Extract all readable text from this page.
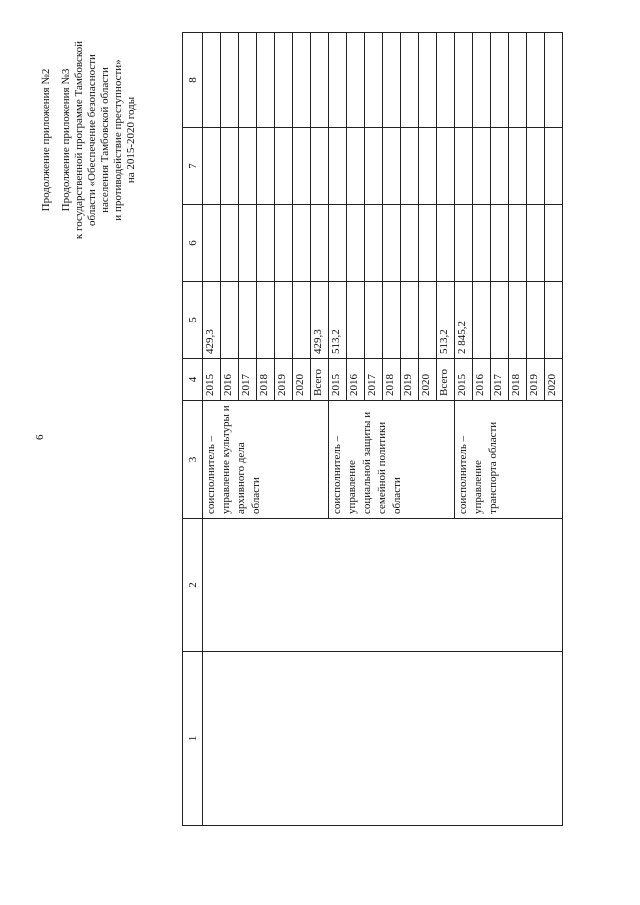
6
Продолжение приложения №2 Продолжение приложения №3 к государственной программе Тамбовской области «Обеспечение безопасности населения Тамбовской области и противодействие преступности» на 2015-2020 годы
1	2	3	4	5	6	7	8	
		соисполнитель – управление культуры и архивного дела области	2015	429,3				
			2016					
			2017					
			2018					
			2019					
			2020					
			Всего	429,3				
		соисполнитель – управление социальной защиты и семейной политики области	2015	513,2				
			2016					
			2017					
			2018					
			2019					
			2020					
			Всего	513,2				
		соисполнитель – управление транспорта области	2015	2 845,2				
			2016					
			2017					
			2018					
			2019					
			2020					
